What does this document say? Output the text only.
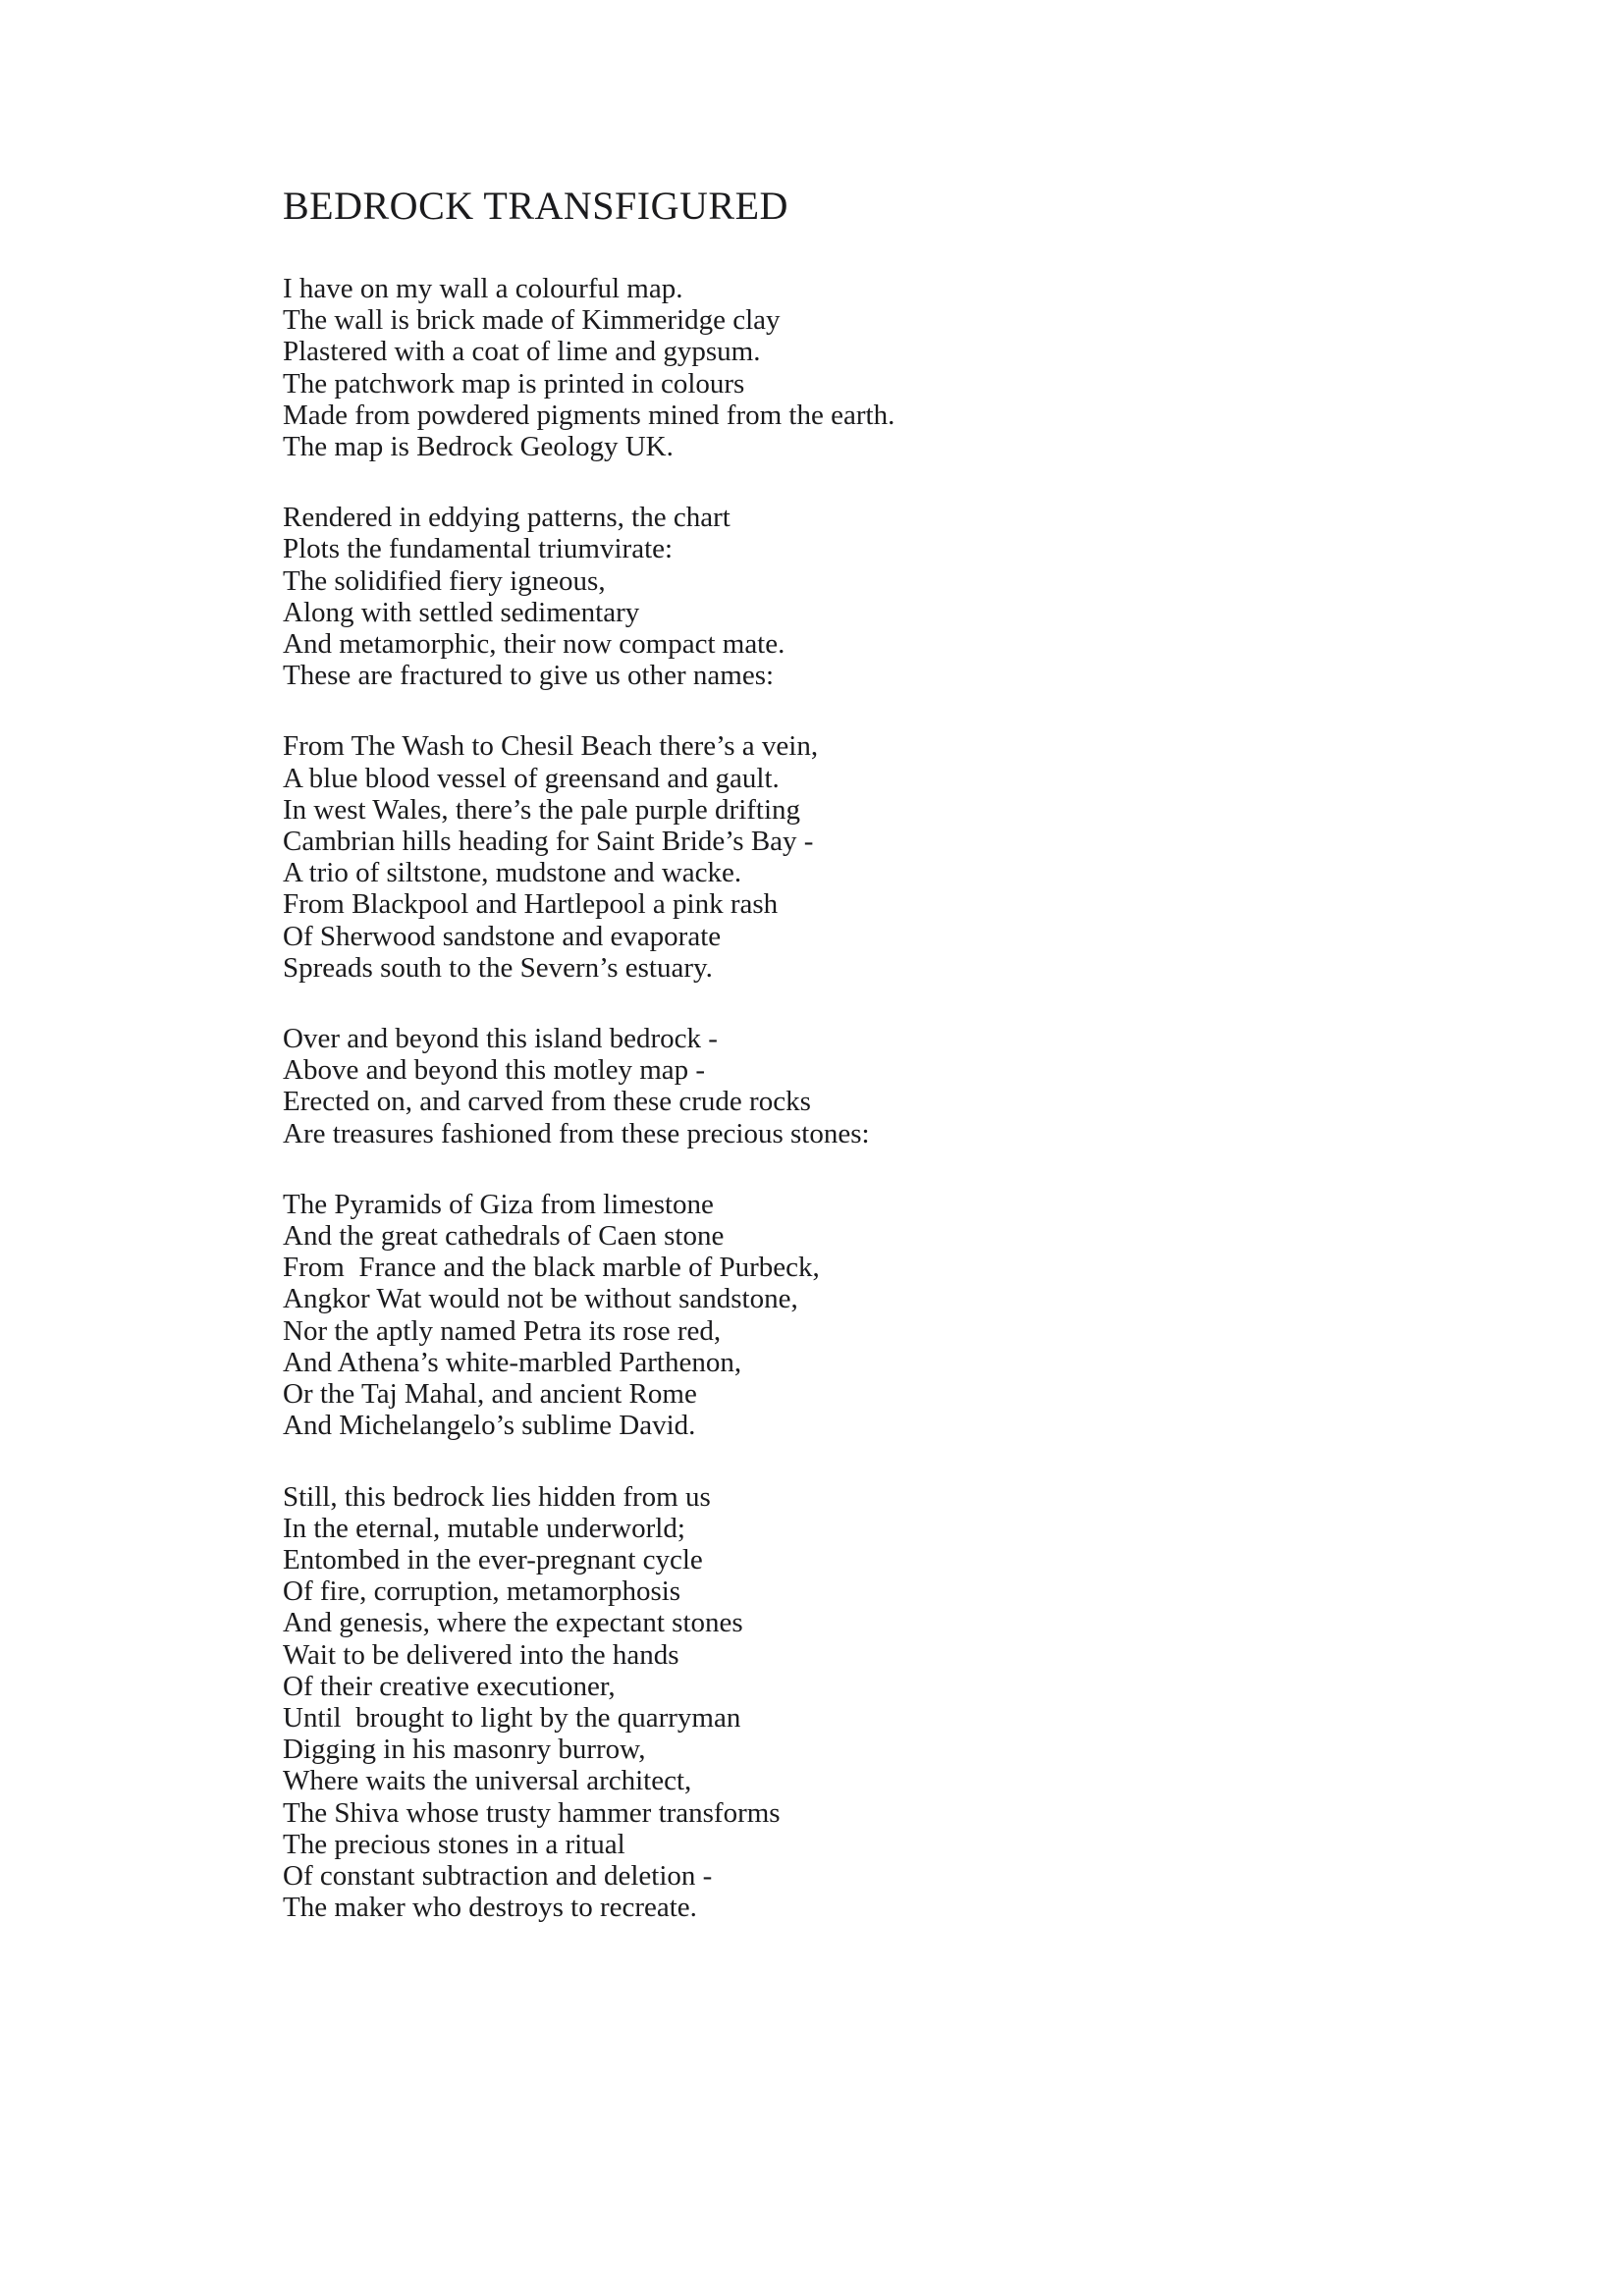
BEDROCK TRANSFIGURED
I have on my wall a colourful map.
The wall is brick made of Kimmeridge clay
Plastered with a coat of lime and gypsum.
The patchwork map is printed in colours
Made from powdered pigments mined from the earth.
The map is Bedrock Geology UK.
Rendered in eddying patterns, the chart
Plots the fundamental triumvirate:
The solidified fiery igneous,
Along with settled sedimentary
And metamorphic, their now compact mate.
These are fractured to give us other names:
From The Wash to Chesil Beach there’s a vein,
A blue blood vessel of greensand and gault.
In west Wales, there’s the pale purple drifting
Cambrian hills heading for Saint Bride’s Bay -
A trio of siltstone, mudstone and wacke.
From Blackpool and Hartlepool a pink rash
Of Sherwood sandstone and evaporate
Spreads south to the Severn’s estuary.
Over and beyond this island bedrock -
Above and beyond this motley map -
Erected on, and carved from these crude rocks
Are treasures fashioned from these precious stones:
The Pyramids of Giza from limestone
And the great cathedrals of Caen stone
From  France and the black marble of Purbeck,
Angkor Wat would not be without sandstone,
Nor the aptly named Petra its rose red,
And Athena’s white-marbled Parthenon,
Or the Taj Mahal, and ancient Rome
And Michelangelo’s sublime David.
Still, this bedrock lies hidden from us
In the eternal, mutable underworld;
Entombed in the ever-pregnant cycle
Of fire, corruption, metamorphosis
And genesis, where the expectant stones
Wait to be delivered into the hands
Of their creative executioner,
Until  brought to light by the quarryman
Digging in his masonry burrow,
Where waits the universal architect,
The Shiva whose trusty hammer transforms
The precious stones in a ritual
Of constant subtraction and deletion -
The maker who destroys to recreate.
